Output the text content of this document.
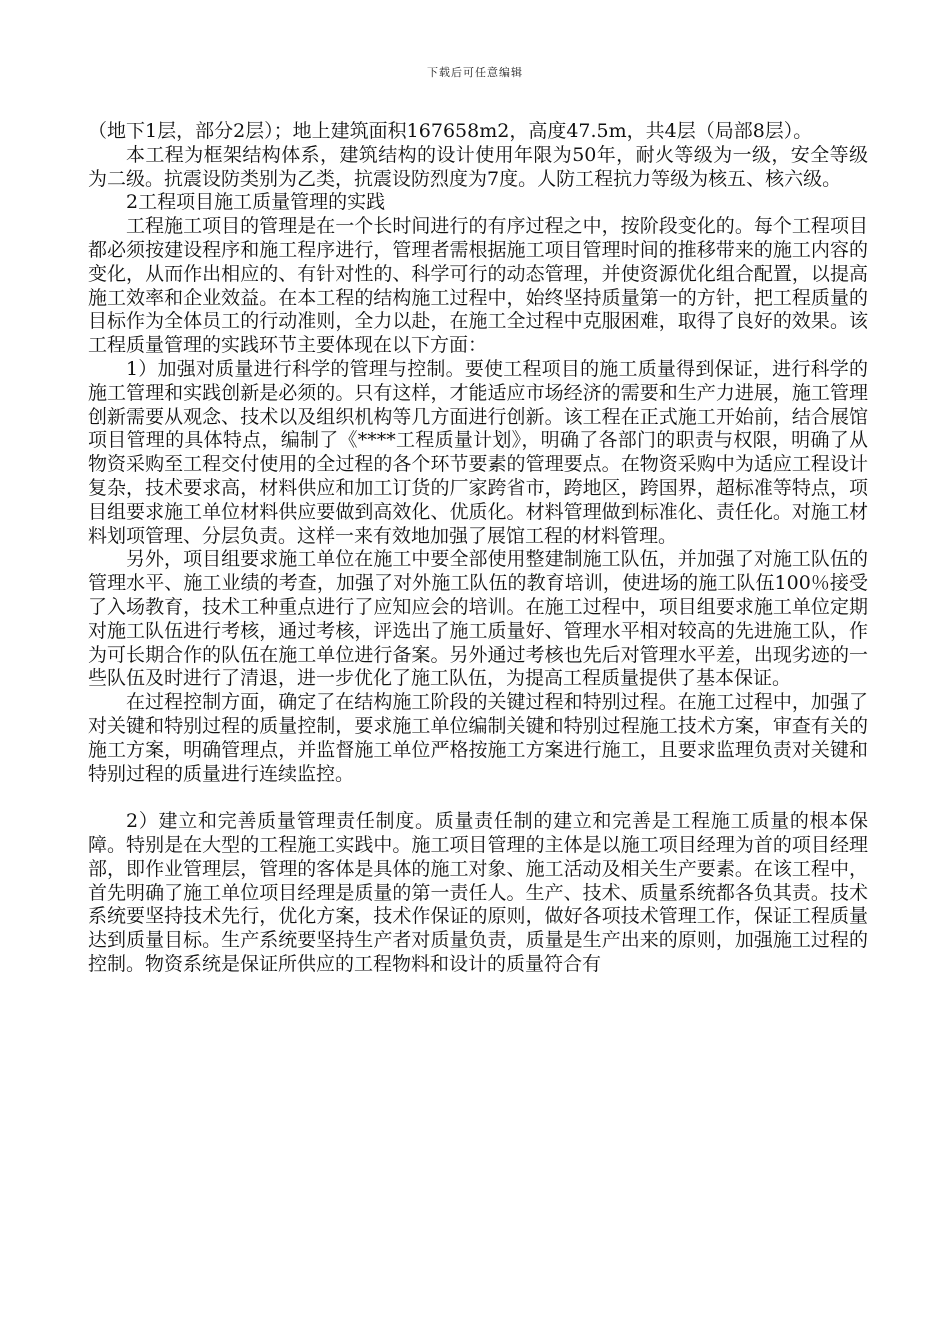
下载后可任意编辑

（地下1层，部分2层）；地上建筑面积167658m2，高度47.5m，共4层（局部8层）。

本工程为框架结构体系，建筑结构的设计使用年限为50年，耐火等级为一级，安全等级为二级。抗震设防类别为乙类，抗震设防烈度为7度。人防工程抗力等级为核五、核六级。

2工程项目施工质量管理的实践

工程施工项目的管理是在一个长时间进行的有序过程之中，按阶段变化的。每个工程项目都必须按建设程序和施工程序进行，管理者需根据施工项目管理时间的推移带来的施工内容的变化，从而作出相应的、有针对性的、科学可行的动态管理，并使资源优化组合配置，以提高施工效率和企业效益。在本工程的结构施工过程中，始终坚持质量第一的方针，把工程质量的目标作为全体员工的行动准则，全力以赴，在施工全过程中克服困难，取得了良好的效果。该工程质量管理的实践环节主要体现在以下方面：

1）加强对质量进行科学的管理与控制。要使工程项目的施工质量得到保证，进行科学的施工管理和实践创新是必须的。只有这样，才能适应市场经济的需要和生产力进展，施工管理创新需要从观念、技术以及组织机构等几方面进行创新。该工程在正式施工开始前，结合展馆项目管理的具体特点，编制了《****工程质量计划》，明确了各部门的职责与权限，明确了从物资采购至工程交付使用的全过程的各个环节要素的管理要点。在物资采购中为适应工程设计复杂，技术要求高，材料供应和加工订货的厂家跨省市，跨地区，跨国界，超标准等特点，项目组要求施工单位材料供应要做到高效化、优质化。材料管理做到标准化、责任化。对施工材料划项管理、分层负责。这样一来有效地加强了展馆工程的材料管理。

另外，项目组要求施工单位在施工中要全部使用整建制施工队伍，并加强了对施工队伍的管理水平、施工业绩的考查，加强了对外施工队伍的教育培训，使进场的施工队伍100％接受了入场教育，技术工种重点进行了应知应会的培训。在施工过程中，项目组要求施工单位定期对施工队伍进行考核，通过考核，评选出了施工质量好、管理水平相对较高的先进施工队，作为可长期合作的队伍在施工单位进行备案。另外通过考核也先后对管理水平差，出现劣迹的一些队伍及时进行了清退，进一步优化了施工队伍，为提高工程质量提供了基本保证。

在过程控制方面，确定了在结构施工阶段的关键过程和特别过程。在施工过程中，加强了对关键和特别过程的质量控制，要求施工单位编制关键和特别过程施工技术方案，审查有关的施工方案，明确管理点，并监督施工单位严格按施工方案进行施工，且要求监理负责对关键和特别过程的质量进行连续监控。

2）建立和完善质量管理责任制度。质量责任制的建立和完善是工程施工质量的根本保障。特别是在大型的工程施工实践中。施工项目管理的主体是以施工项目经理为首的项目经理部，即作业管理层，管理的客体是具体的施工对象、施工活动及相关生产要素。在该工程中，首先明确了施工单位项目经理是质量的第一责任人。生产、技术、质量系统都各负其责。技术系统要坚持技术先行，优化方案，技术作保证的原则，做好各项技术管理工作，保证工程质量达到质量目标。生产系统要坚持生产者对质量负责，质量是生产出来的原则，加强施工过程的控制。物资系统是保证所供应的工程物料和设计的质量符合有
